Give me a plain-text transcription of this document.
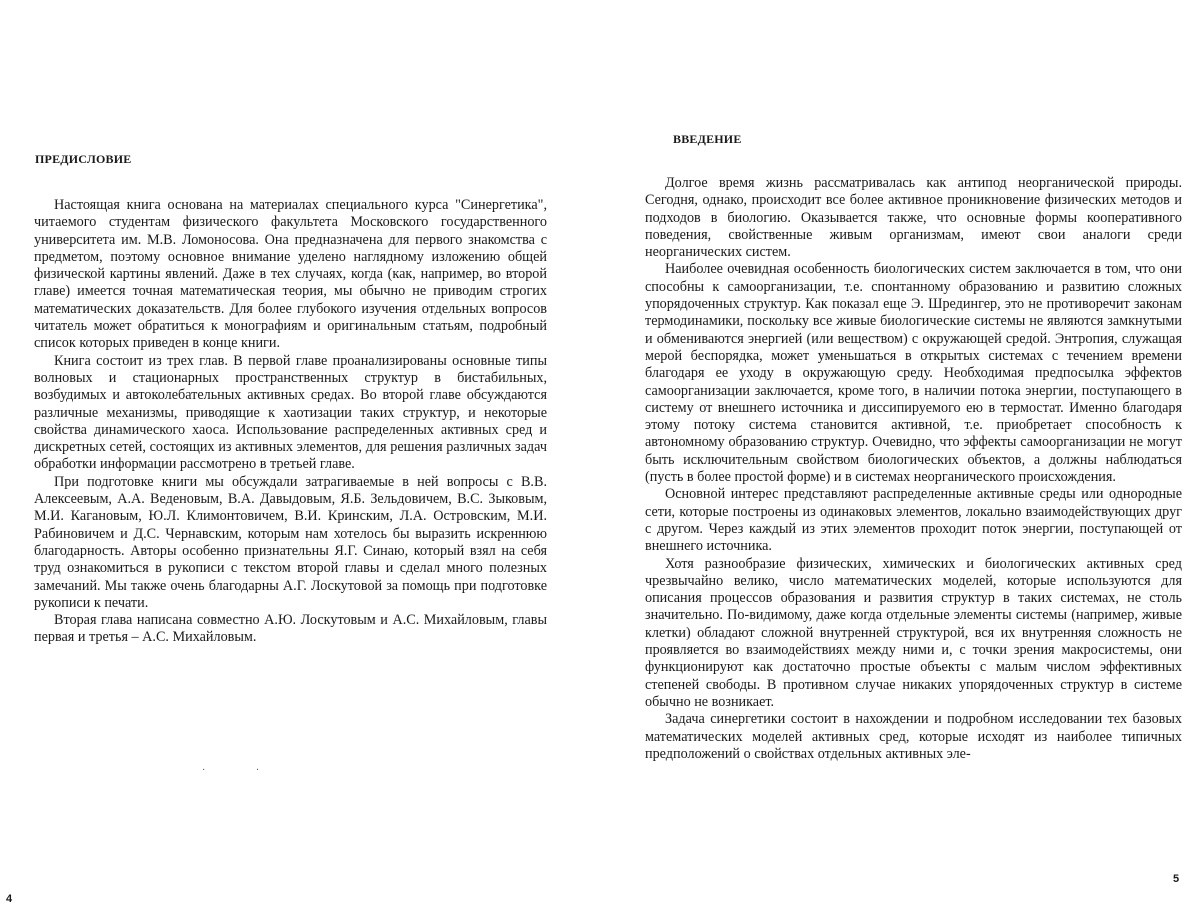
ПРЕДИСЛОВИЕ

Настоящая книга основана на материалах специального курса "Синергетика", читаемого студентам физического факультета Московского государственного университета им. М.В. Ломоносова. Она предназначена для первого знакомства с предметом, поэтому основное внимание уделено наглядному изложению общей физической картины явлений. Даже в тех случаях, когда (как, например, во второй главе) имеется точная математическая теория, мы обычно не приводим строгих математических доказательств. Для более глубокого изучения отдельных вопросов читатель может обратиться к монографиям и оригинальным статьям, подробный список которых приведен в конце книги.

Книга состоит из трех глав. В первой главе проанализированы основные типы волновых и стационарных пространственных структур в бистабильных, возбудимых и автоколебательных активных средах. Во второй главе обсуждаются различные механизмы, приводящие к хаотизации таких структур, и некоторые свойства динамического хаоса. Использование распределенных активных сред и дискретных сетей, состоящих из активных элементов, для решения различных задач обработки информации рассмотрено в третьей главе.

При подготовке книги мы обсуждали затрагиваемые в ней вопросы с В.В. Алексеевым, А.А. Веденовым, В.А. Давыдовым, Я.Б. Зельдовичем, В.С. Зыковым, М.И. Кагановым, Ю.Л. Климонтовичем, В.И. Кринским, Л.А. Островским, М.И. Рабиновичем и Д.С. Чернавским, которым нам хотелось бы выразить искреннюю благодарность. Авторы особенно признательны Я.Г. Синаю, который взял на себя труд ознакомиться в рукописи с текстом второй главы и сделал много полезных замечаний. Мы также очень благодарны А.Г. Лоскутовой за помощь при подготовке рукописи к печати.

Вторая глава написана совместно А.Ю. Лоскутовым и А.С. Михайловым, главы первая и третья – А.С. Михайловым.

· ·
4
ВВЕДЕНИЕ

Долгое время жизнь рассматривалась как антипод неорганической природы. Сегодня, однако, происходит все более активное проникновение физических методов и подходов в биологию. Оказывается также, что основные формы кооперативного поведения, свойственные живым организмам, имеют свои аналоги среди неорганических систем.

Наиболее очевидная особенность биологических систем заключается в том, что они способны к самоорганизации, т.е. спонтанному образованию и развитию сложных упорядоченных структур. Как показал еще Э. Шредингер, это не противоречит законам термодинамики, поскольку все живые биологические системы не являются замкнутыми и обмениваются энергией (или веществом) с окружающей средой. Энтропия, служащая мерой беспорядка, может уменьшаться в открытых системах с течением времени благодаря ее уходу в окружающую среду. Необходимая предпосылка эффектов самоорганизации заключается, кроме того, в наличии потока энергии, поступающего в систему от внешнего источника и диссипируемого ею в термостат. Именно благодаря этому потоку система становится активной, т.е. приобретает способность к автономному образованию структур. Очевидно, что эффекты самоорганизации не могут быть исключительным свойством биологических объектов, а должны наблюдаться (пусть в более простой форме) и в системах неорганического происхождения.

Основной интерес представляют распределенные активные среды или однородные сети, которые построены из одинаковых элементов, локально взаимодействующих друг с другом. Через каждый из этих элементов проходит поток энергии, поступающей от внешнего источника.

Хотя разнообразие физических, химических и биологических активных сред чрезвычайно велико, число математических моделей, которые используются для описания процессов образования и развития структур в таких системах, не столь значительно. По-видимому, даже когда отдельные элементы системы (например, живые клетки) обладают сложной внутренней структурой, вся их внутренняя сложность не проявляется во взаимодействиях между ними и, с точки зрения макросистемы, они функционируют как достаточно простые объекты с малым числом эффективных степеней свободы. В противном случае никаких упорядоченных структур в системе обычно не возникает.

Задача синергетики состоит в нахождении и подробном исследовании тех базовых математических моделей активных сред, которые исходят из наиболее типичных предположений о свойствах отдельных активных эле-

5
